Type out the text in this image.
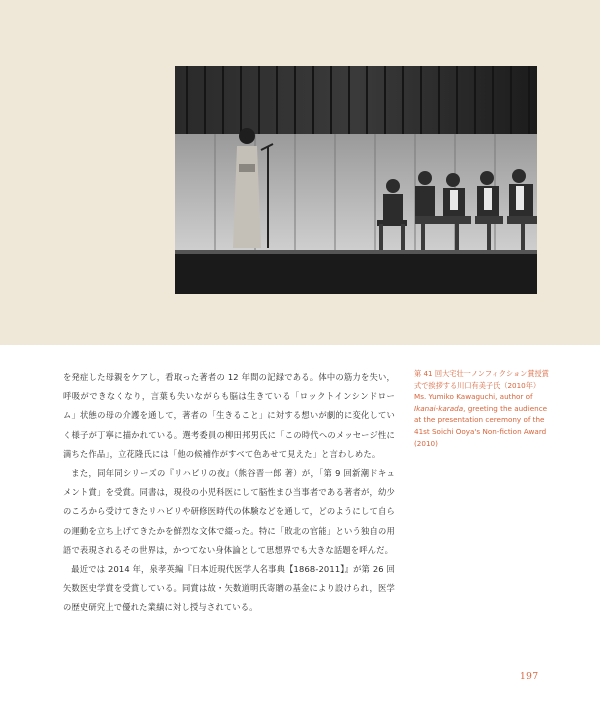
を発症した母親をケアし，看取った著者の 12 年間の記録である。体中の筋力を失い，呼吸ができなくなり，言葉も失いながらも脳は生きている「ロックトインシンドローム」状態の母の介護を通して，著者の「生きること」に対する想いが劇的に変化していく様子が丁寧に描かれている。選考委員の柳田邦男氏に「この時代へのメッセージ性に満ちた作品」，立花隆氏には「他の候補作がすべて色あせて見えた」と言わしめた。

また，同年同シリーズの『リハビリの夜』（熊谷晋一郎 著）が，「第 9 回新潮ドキュメント賞」を受賞。同書は，現役の小児科医にして脳性まひ当事者である著者が，幼少のころから受けてきたリハビリや研修医時代の体験などを通して，どのようにして自らの運動を立ち上げてきたかを鮮烈な文体で綴った。特に「敗北の官能」という独自の用語で表現されるその世界は，かつてない身体論として思想界でも大きな話題を呼んだ。

最近では 2014 年，泉孝英編『日本近現代医学人名事典【1868-2011】』が第 26 回矢数医史学賞を受賞している。同賞は故・矢数道明氏寄贈の基金により設けられ，医学の歴史研究上で優れた業績に対し授与されている。

第 41 回大宅壮一ノンフィクション賞授賞式で挨拶する川口有美子氏（2010年）

Ms. Yumiko Kawaguchi, author of Ikanai-karada, greeting the audience at the presentation ceremony of the 41st Soichi Ooya's Non-fiction Award (2010)

197
